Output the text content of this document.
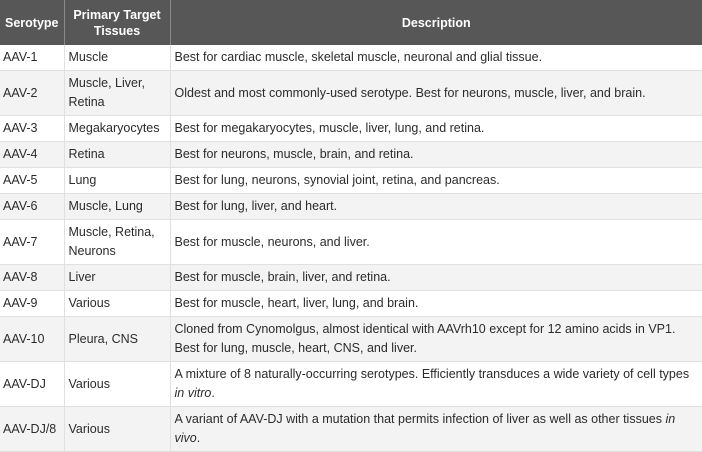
Serotype	Primary Target Tissues	Description
AAV-1	Muscle	Best for cardiac muscle, skeletal muscle, neuronal and glial tissue.
AAV-2	Muscle, Liver, Retina	Oldest and most commonly-used serotype. Best for neurons, muscle, liver, and brain.
AAV-3	Megakaryocytes	Best for megakaryocytes, muscle, liver, lung, and retina.
AAV-4	Retina	Best for neurons, muscle, brain, and retina.
AAV-5	Lung	Best for lung, neurons, synovial joint, retina, and pancreas.
AAV-6	Muscle, Lung	Best for lung, liver, and heart.
AAV-7	Muscle, Retina, Neurons	Best for muscle, neurons, and liver.
AAV-8	Liver	Best for muscle, brain, liver, and retina.
AAV-9	Various	Best for muscle, heart, liver, lung, and brain.
AAV-10	Pleura, CNS	Cloned from Cynomolgus, almost identical with AAVrh10 except for 12 amino acids in VP1. Best for lung, muscle, heart, CNS, and liver.
AAV-DJ	Various	A mixture of 8 naturally-occurring serotypes. Efficiently transduces a wide variety of cell types in vitro.
AAV-DJ/8	Various	A variant of AAV-DJ with a mutation that permits infection of liver as well as other tissues in vivo.
